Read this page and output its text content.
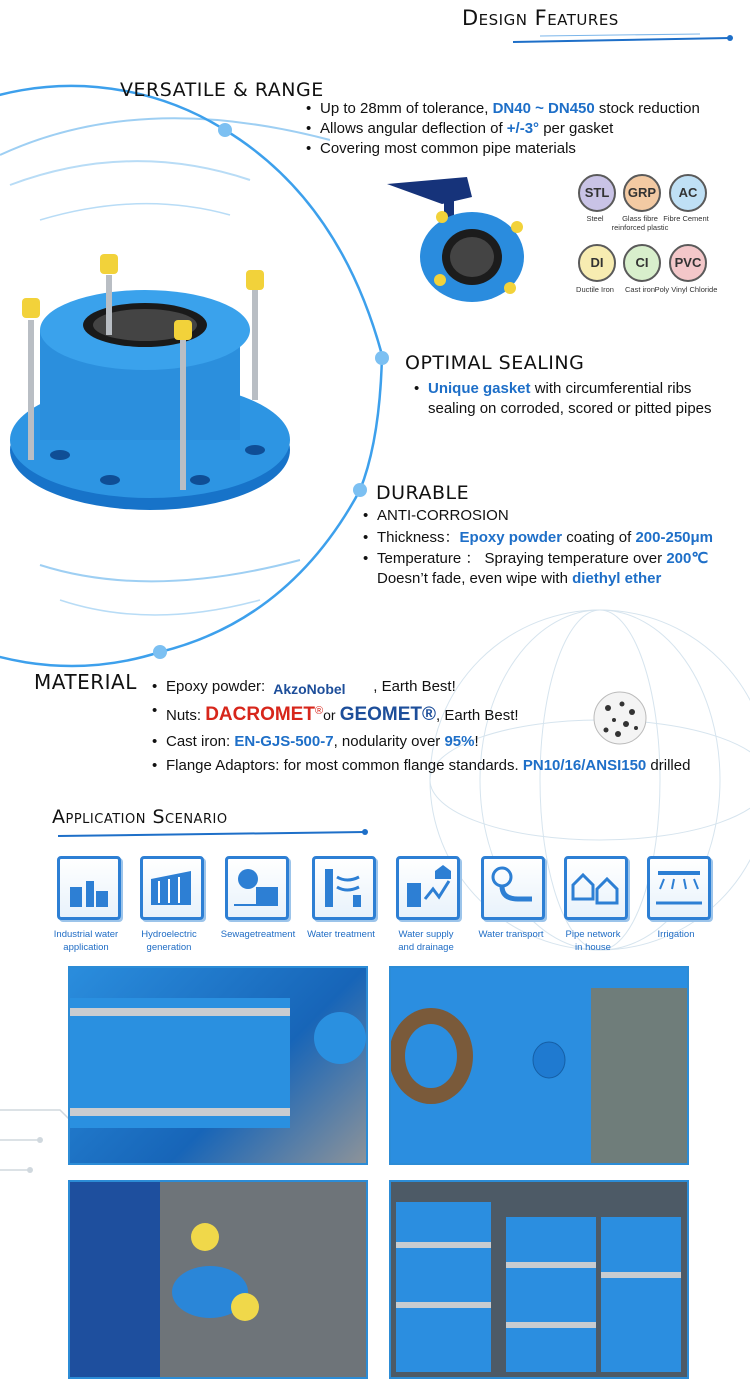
Design Features
VERSATILE & RANGE
• Up to 28mm of tolerance, DN40 ~ DN450 stock reduction
• Allows angular deflection of +/-3° per gasket
• Covering most common pipe materials
STL
Steel
GRP
Glass fibre reinforced plastic
AC
Fibre Cement
DI
Ductile Iron
CI
Cast iron
PVC
Poly Vinyl Chloride
OPTIMAL SEALING
• Unique gasket with circumferential ribs
sealing on corroded, scored or pitted pipes
DURABLE
• ANTI-CORROSION
• Thickness：Epoxy powder coating of 200-250μm
• Temperature ： Spraying temperature over 200℃
Doesn’t fade, even wipe with diethyl ether
MATERIAL
•	Epoxy powder: AkzoNobel , Earth Best!
• Nuts: DACROMET®or GEOMET®, Earth Best!
• Cast iron: EN-GJS-500-7, nodularity over 95%!
• Flange Adaptors: for most common flange standards. PN10/16/ANSI150 drilled
Application Scenario
Industrial water
application
Hydroelectric
generation
Sewagetreatment	Water treatment	Water supply
and drainage
Water transport	Pipe network
in house
Irrigation
